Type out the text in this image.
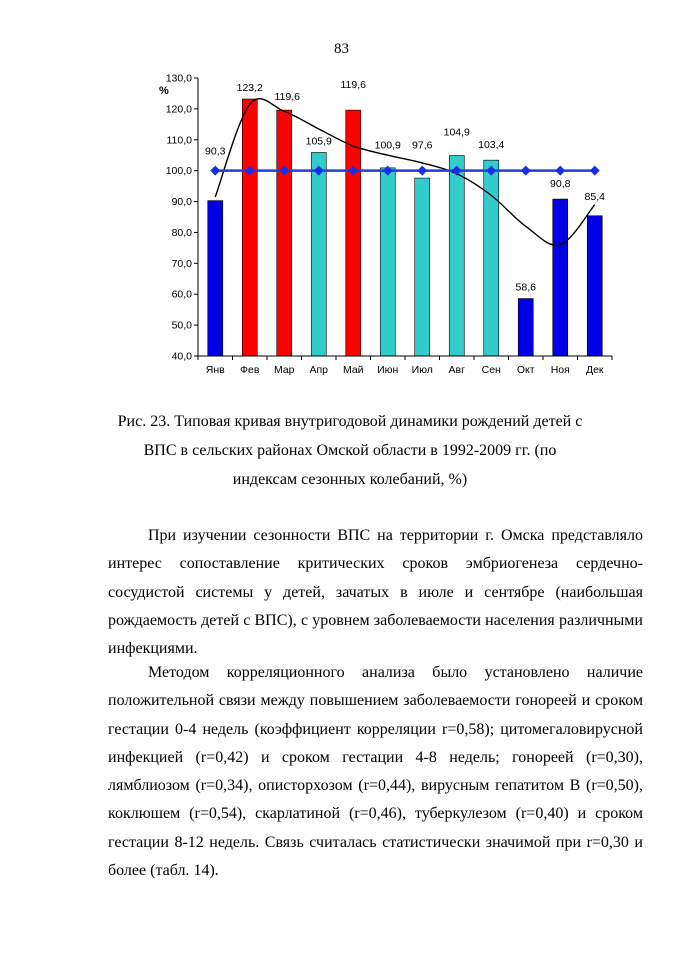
83
%
40,0
50,0
60,0
70,0
80,0
90,0
100,0
110,0
120,0
130,0
90,3
123,2
119,6
105,9
119,6
100,9 97,6
104,9
103,4
58,6
90,8
85,4
Янв Фев Мар Апр Май Июн Июл Авг Сен Окт Ноя Дек
Рис. 23. Типовая кривая внутригодовой динамики рождений детей с ВПС в сельских районах Омской области в 1992-2009 гг. (по индексам сезонных колебаний, %)

При изучении сезонности ВПС на территории г. Омска представляло интерес сопоставление критических сроков эмбриогенеза сердечно-сосудистой системы у детей, зачатых в июле и сентябре (наибольшая рождаемость детей с ВПС), с уровнем заболеваемости населения различными инфекциями.

Методом корреляционного анализа было установлено наличие положительной связи между повышением заболеваемости гонореей и сроком гестации 0-4 недель (коэффициент корреляции r=0,58); цитомегаловирусной инфекцией (r=0,42) и сроком гестации 4-8 недель; гонореей (r=0,30), лямблиозом (r=0,34), описторхозом (r=0,44), вирусным гепатитом В (r=0,50), коклюшем (r=0,54), скарлатиной (r=0,46), туберкулезом (r=0,40) и сроком гестации 8-12 недель. Связь считалась статистически значимой при r=0,30 и более (табл. 14).
